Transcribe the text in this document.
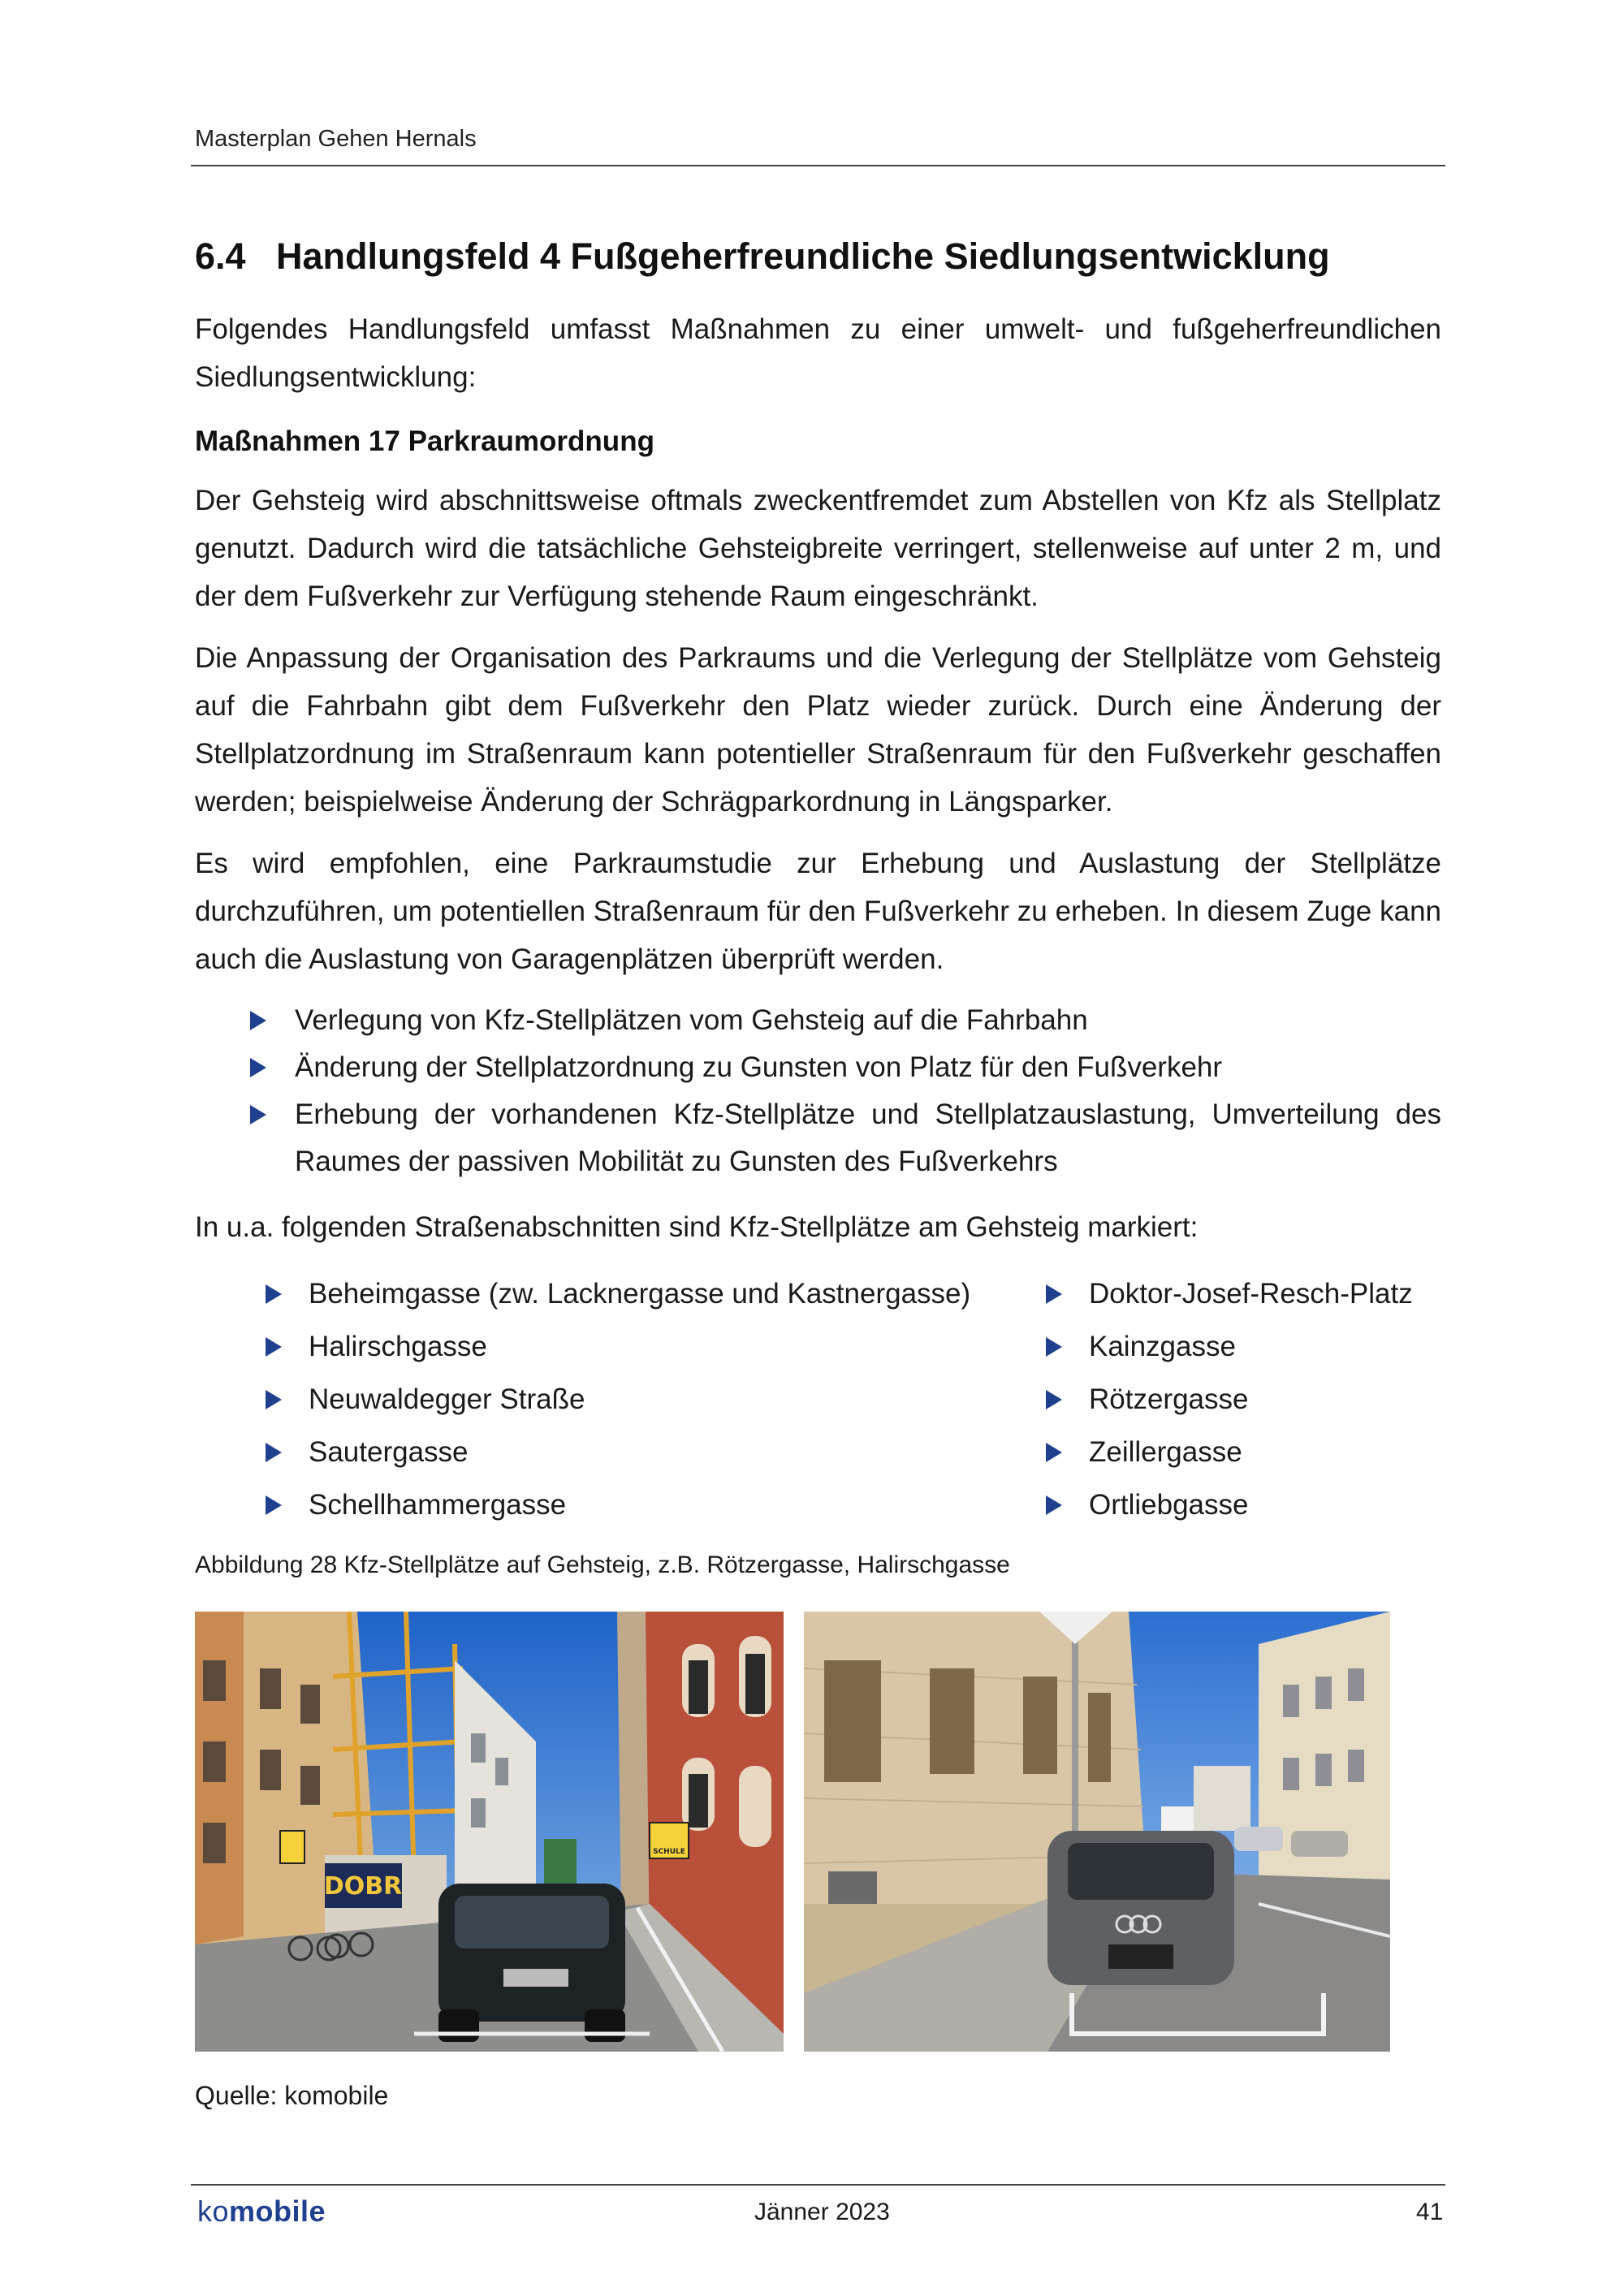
Masterplan Gehen Hernals
6.4 Handlungsfeld 4 Fußgeherfreundliche Siedlungsentwicklung
Folgendes Handlungsfeld umfasst Maßnahmen zu einer umwelt- und fußgeherfreundlichen Siedlungsentwicklung:
Maßnahmen 17 Parkraumordnung
Der Gehsteig wird abschnittsweise oftmals zweckentfremdet zum Abstellen von Kfz als Stellplatz genutzt. Dadurch wird die tatsächliche Gehsteigbreite verringert, stellenweise auf unter 2 m, und der dem Fußverkehr zur Verfügung stehende Raum eingeschränkt.
Die Anpassung der Organisation des Parkraums und die Verlegung der Stellplätze vom Gehsteig auf die Fahrbahn gibt dem Fußverkehr den Platz wieder zurück. Durch eine Änderung der Stellplatzordnung im Straßenraum kann potentieller Straßenraum für den Fußverkehr geschaffen werden; beispielweise Änderung der Schrägparkordnung in Längsparker.
Es wird empfohlen, eine Parkraumstudie zur Erhebung und Auslastung der Stellplätze durchzuführen, um potentiellen Straßenraum für den Fußverkehr zu erheben. In diesem Zuge kann auch die Auslastung von Garagenplätzen überprüft werden.
Verlegung von Kfz-Stellplätzen vom Gehsteig auf die Fahrbahn
Änderung der Stellplatzordnung zu Gunsten von Platz für den Fußverkehr
Erhebung der vorhandenen Kfz-Stellplätze und Stellplatzauslastung, Umverteilung des Raumes der passiven Mobilität zu Gunsten des Fußverkehrs
In u.a. folgenden Straßenabschnitten sind Kfz-Stellplätze am Gehsteig markiert:
Beheimgasse (zw. Lacknergasse und Kastnergasse)
Halirschgasse
Neuwaldegger Straße
Sautergasse
Schellhammergasse
Doktor-Josef-Resch-Platz
Kainzgasse
Rötzergasse
Zeillergasse
Ortliebgasse
Abbildung 28 Kfz-Stellplätze auf Gehsteig, z.B. Rötzergasse, Halirschgasse
DOBR
SCHULE
Quelle: komobile
komobile	Jänner 2023	41
